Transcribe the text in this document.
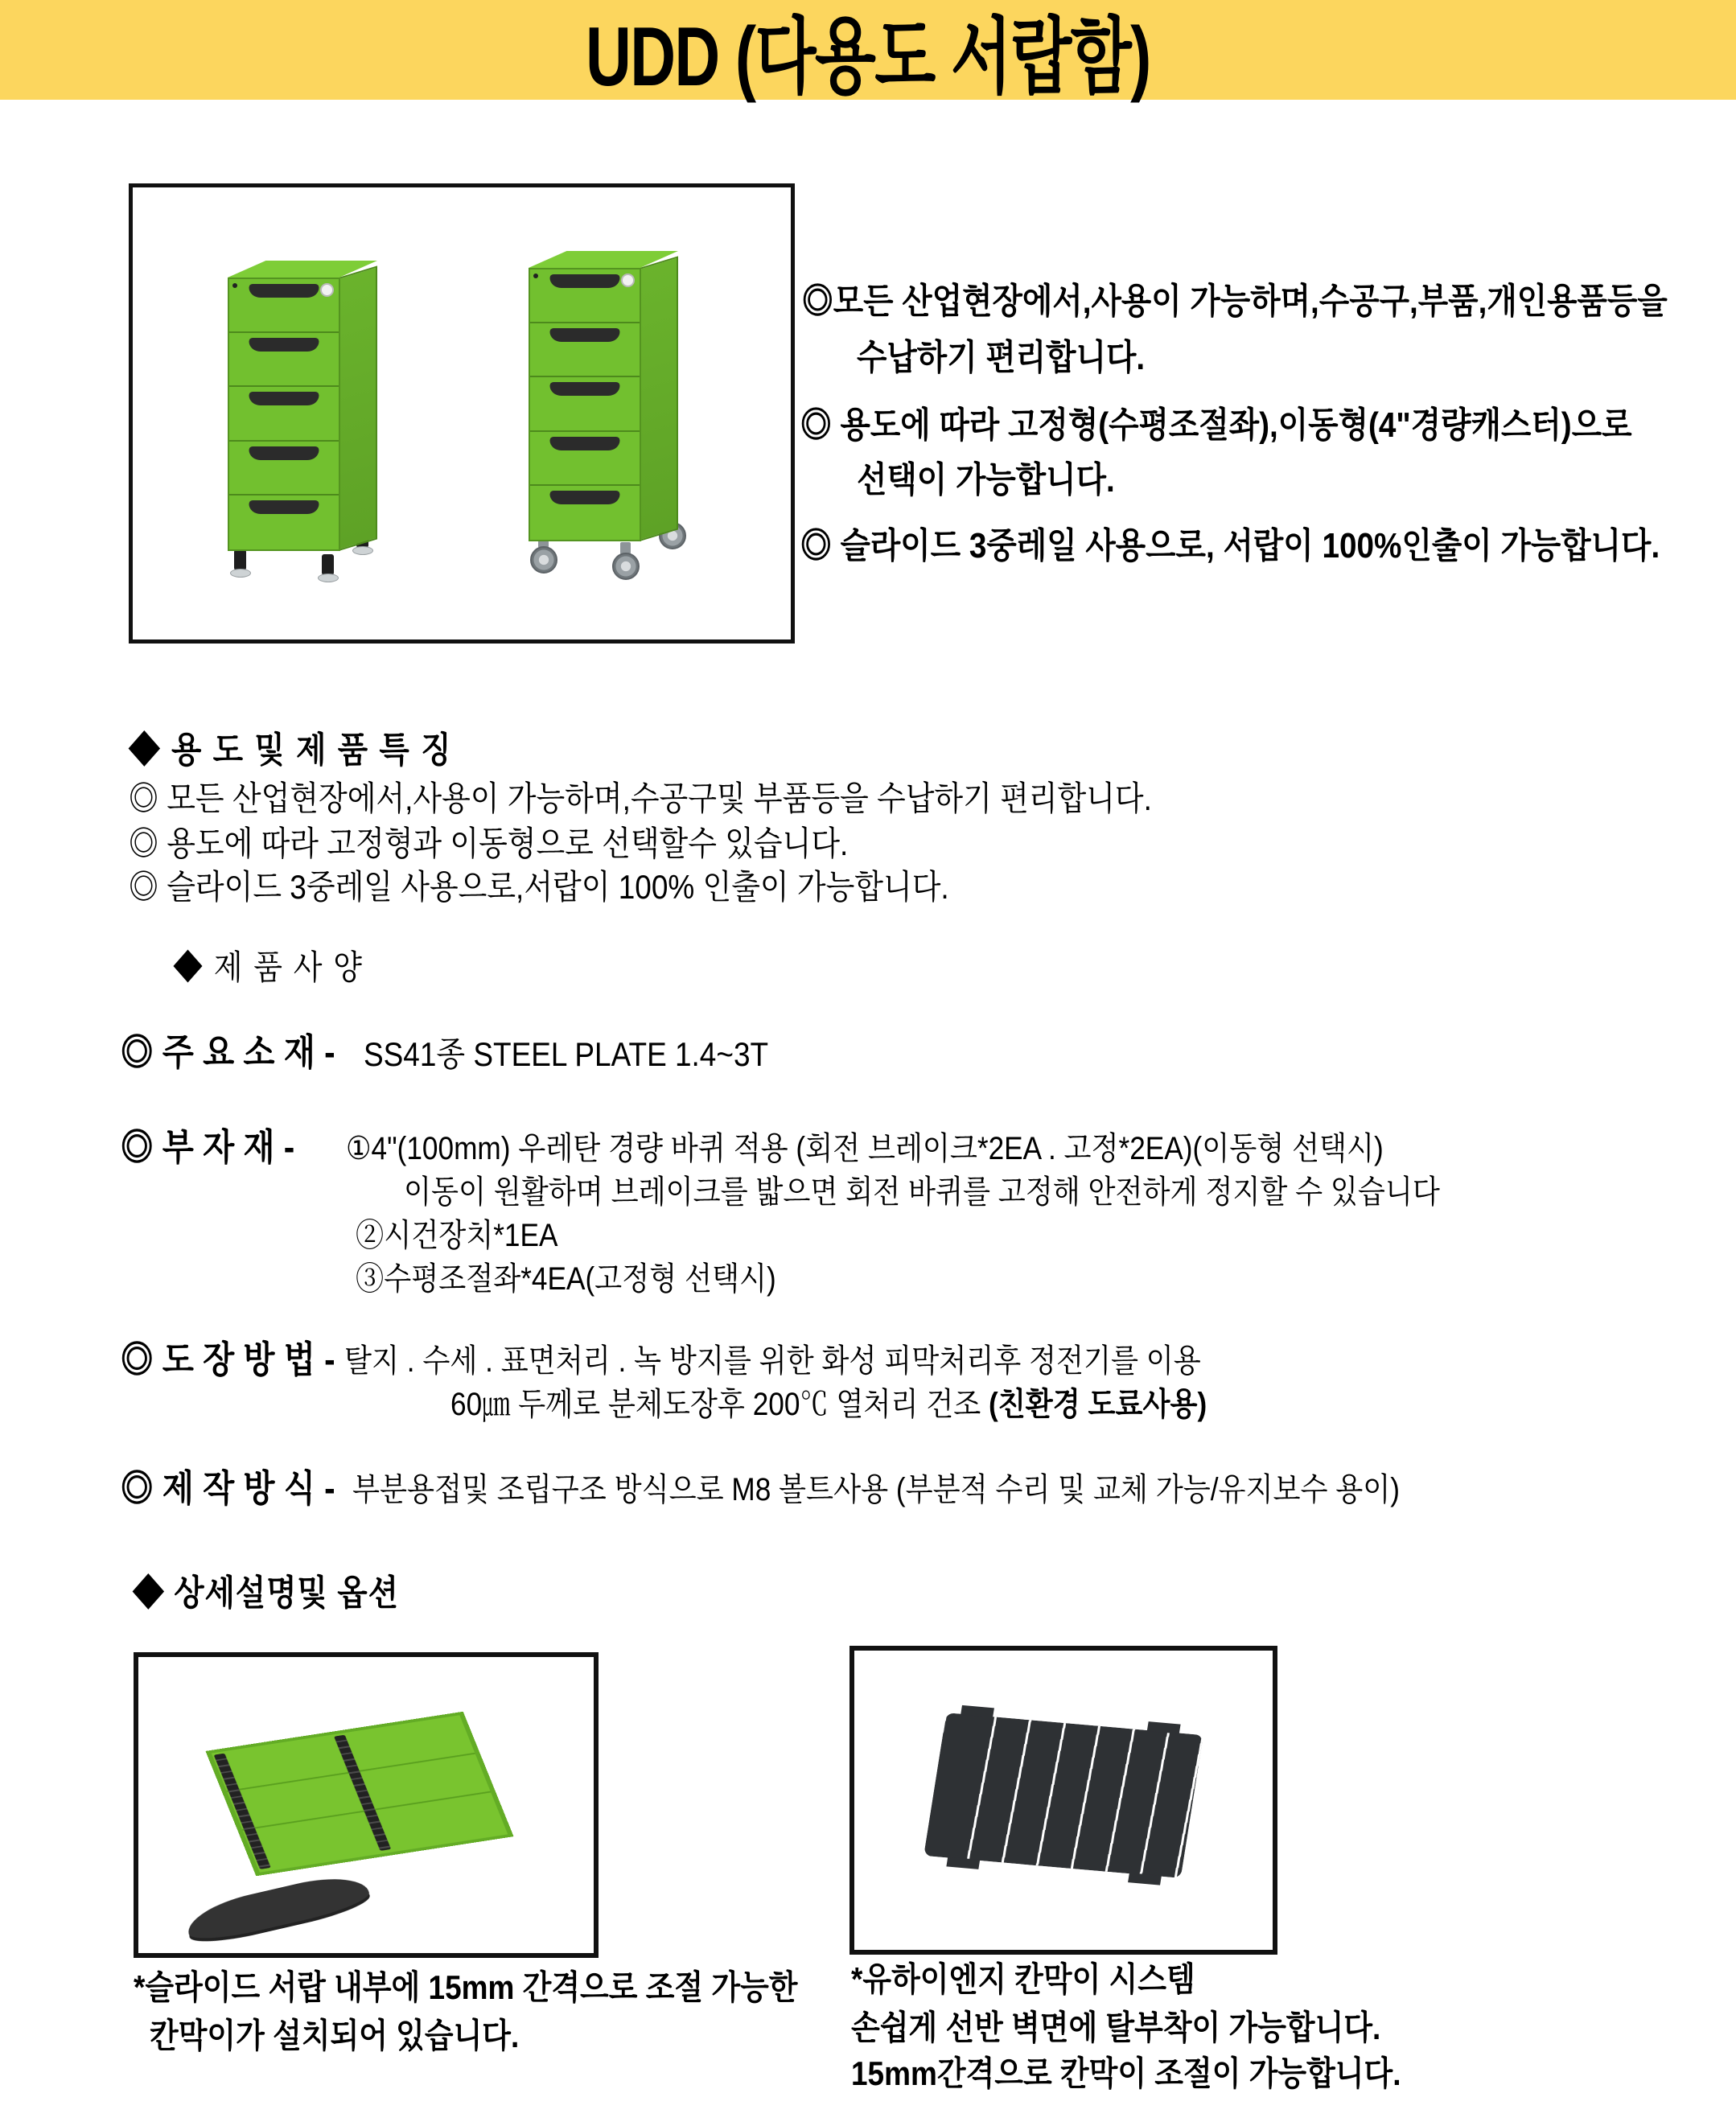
UDD (다용도 서랍함)
◎모든 산업현장에서,사용이 가능하며,수공구,부품,개인용품등을
수납하기 편리합니다.
◎ 용도에 따라 고정형(수평조절좌),이동형(4"경량캐스터)으로
선택이 가능합니다.
◎ 슬라이드 3중레일 사용으로, 서랍이 100%인출이 가능합니다.
◆ 용 도 및 제 품 특 징
◎ 모든 산업현장에서,사용이 가능하며,수공구및 부품등을 수납하기 편리합니다.
◎ 용도에 따라 고정형과 이동형으로 선택할수 있습니다.
◎ 슬라이드 3중레일 사용으로,서랍이 100% 인출이 가능합니다.
◆ 제 품 사 양
◎ 주 요 소 재 - SS41종 STEEL PLATE 1.4~3T
◎ 부 자 재 -	①4"(100mm) 우레탄 경량 바퀴 적용 (회전 브레이크*2EA . 고정*2EA)(이동형 선택시)
이동이 원활하며 브레이크를 밟으면 회전 바퀴를 고정해 안전하게 정지할 수 있습니다
②시건장치*1EA
③수평조절좌*4EA(고정형 선택시)
◎ 도 장 방 법 - 탈지 . 수세 . 표면처리 . 녹 방지를 위한 화성 피막처리후 정전기를 이용
60㎛ 두께로 분체도장후 200℃ 열처리 건조 (친환경 도료사용)
◎ 제 작 방 식 - 부분용접및 조립구조 방식으로 M8 볼트사용 (부분적 수리 및 교체 가능/유지보수 용이)
◆ 상세설명및 옵션
*슬라이드 서랍 내부에 15mm 간격으로 조절 가능한
칸막이가 설치되어 있습니다.
*유하이엔지 칸막이 시스템
손쉽게 선반 벽면에 탈부착이 가능합니다.
15mm간격으로 칸막이 조절이 가능합니다.
